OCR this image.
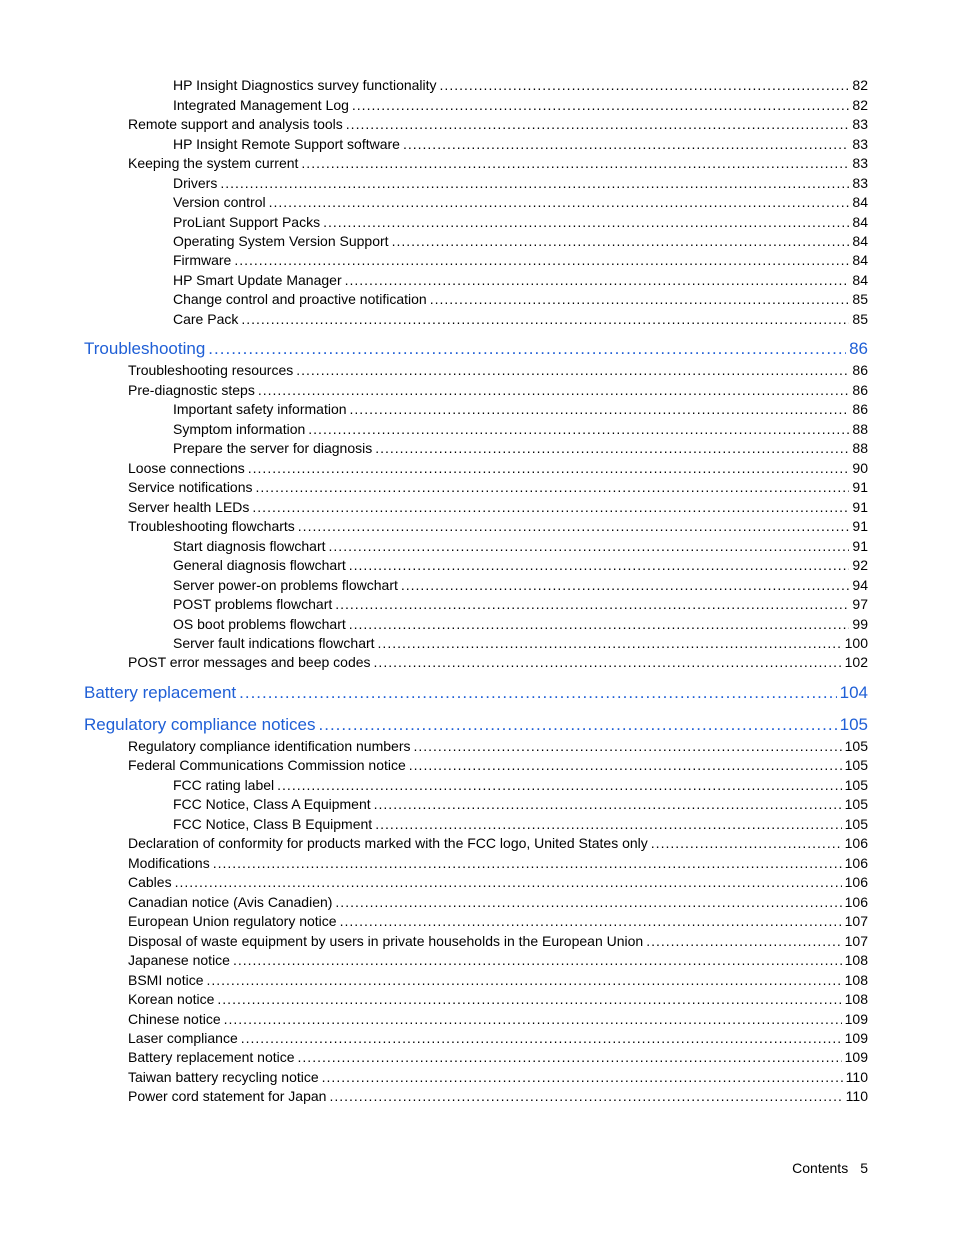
HP Insight Diagnostics survey functionality .....	82
Integrated Management Log .....	82
Remote support and analysis tools .....	83
HP Insight Remote Support software .....	83
Keeping the system current .....	83
Drivers .....	83
Version control .....	84
ProLiant Support Packs .....	84
Operating System Version Support .....	84
Firmware .....	84
HP Smart Update Manager .....	84
Change control and proactive notification .....	85
Care Pack .....	85
Troubleshooting .....	86
Troubleshooting resources .....	86
Pre-diagnostic steps .....	86
Important safety information .....	86
Symptom information .....	88
Prepare the server for diagnosis .....	88
Loose connections .....	90
Service notifications .....	91
Server health LEDs .....	91
Troubleshooting flowcharts .....	91
Start diagnosis flowchart .....	91
General diagnosis flowchart .....	92
Server power-on problems flowchart .....	94
POST problems flowchart .....	97
OS boot problems flowchart .....	99
Server fault indications flowchart .....	100
POST error messages and beep codes .....	102
Battery replacement .....	104
Regulatory compliance notices .....	105
Regulatory compliance identification numbers .....	105
Federal Communications Commission notice .....	105
FCC rating label .....	105
FCC Notice, Class A Equipment .....	105
FCC Notice, Class B Equipment .....	105
Declaration of conformity for products marked with the FCC logo, United States only .....	106
Modifications .....	106
Cables .....	106
Canadian notice (Avis Canadien) .....	106
European Union regulatory notice .....	107
Disposal of waste equipment by users in private households in the European Union .....	107
Japanese notice .....	108
BSMI notice .....	108
Korean notice .....	108
Chinese notice .....	109
Laser compliance .....	109
Battery replacement notice .....	109
Taiwan battery recycling notice .....	110
Power cord statement for Japan .....	110
Contents 5
